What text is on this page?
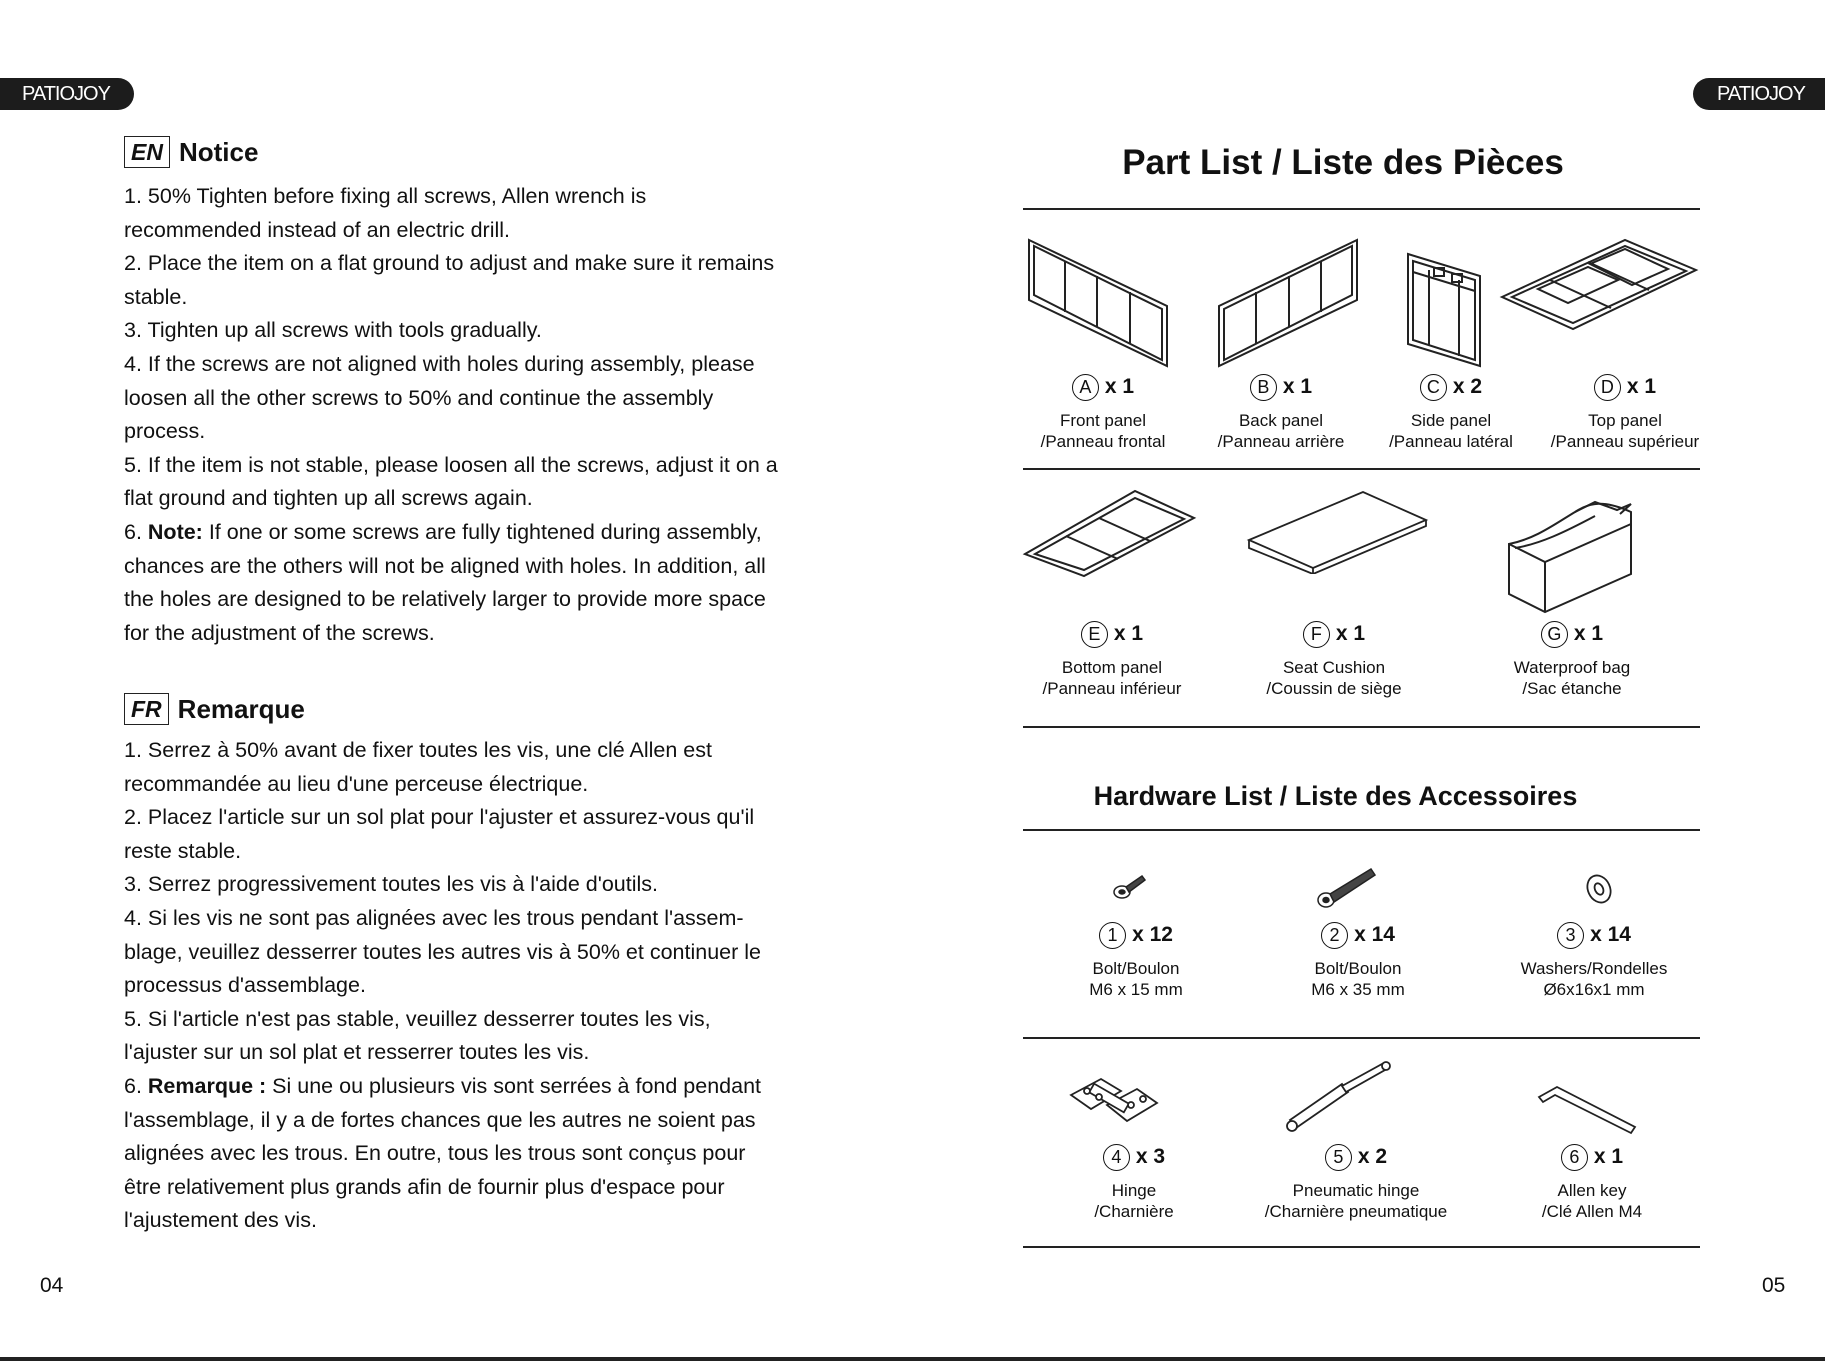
PATIOJOY	PATIOJOY
EN Notice

1. 50% Tighten before fixing all screws, Allen wrench is

recommended instead of an electric drill.

2. Place the item on a flat ground to adjust and make sure it remains

stable.

3. Tighten up all screws with tools gradually.

4. If the screws are not aligned with holes during assembly, please

loosen all the other screws to 50% and continue the assembly

process.

5. If the item is not stable, please loosen all the screws, adjust it on a

flat ground and tighten up all screws again.

6. Note: If one or some screws are fully tightened during assembly,

chances are the others will not be aligned with holes. In addition, all

the holes are designed to be relatively larger to provide more space

for the adjustment of the screws.

FR Remarque

1. Serrez à 50% avant de fixer toutes les vis, une clé Allen est

recommandée au lieu d'une perceuse électrique.

2. Placez l'article sur un sol plat pour l'ajuster et assurez-vous qu'il

reste stable.

3. Serrez progressivement toutes les vis à l'aide d'outils.

4. Si les vis ne sont pas alignées avec les trous pendant l'assem-

blage, veuillez desserrer toutes les autres vis à 50% et continuer le

processus d'assemblage.

5. Si l'article n'est pas stable, veuillez desserrer toutes les vis,

l'ajuster sur un sol plat et resserrer toutes les vis.

6. Remarque : Si une ou plusieurs vis sont serrées à fond pendant

l'assemblage, il y a de fortes chances que les autres ne soient pas

alignées avec les trous. En outre, tous les trous sont conçus pour

être relativement plus grands afin de fournir plus d'espace pour

l'ajustement des vis.

04
Part List / Liste des Pièces
A x 1
Front panel
/Panneau frontal
B x 1
Back panel
/Panneau arrière
C x 2
Side panel
/Panneau latéral
D x 1
Top panel
/Panneau supérieur
E x 1
Bottom panel
/Panneau inférieur
F x 1
Seat Cushion
/Coussin de siège
G x 1
Waterproof bag
/Sac étanche
Hardware List / Liste des Accessoires
1 x 12
Bolt/Boulon
M6 x 15 mm
2 x 14
Bolt/Boulon
M6 x 35 mm
3 x 14
Washers/Rondelles
Ø6x16x1 mm
4 x 3
Hinge
/Charnière
5 x 2
Pneumatic hinge
/Charnière pneumatique
6 x 1
Allen key
/Clé Allen M4
05
